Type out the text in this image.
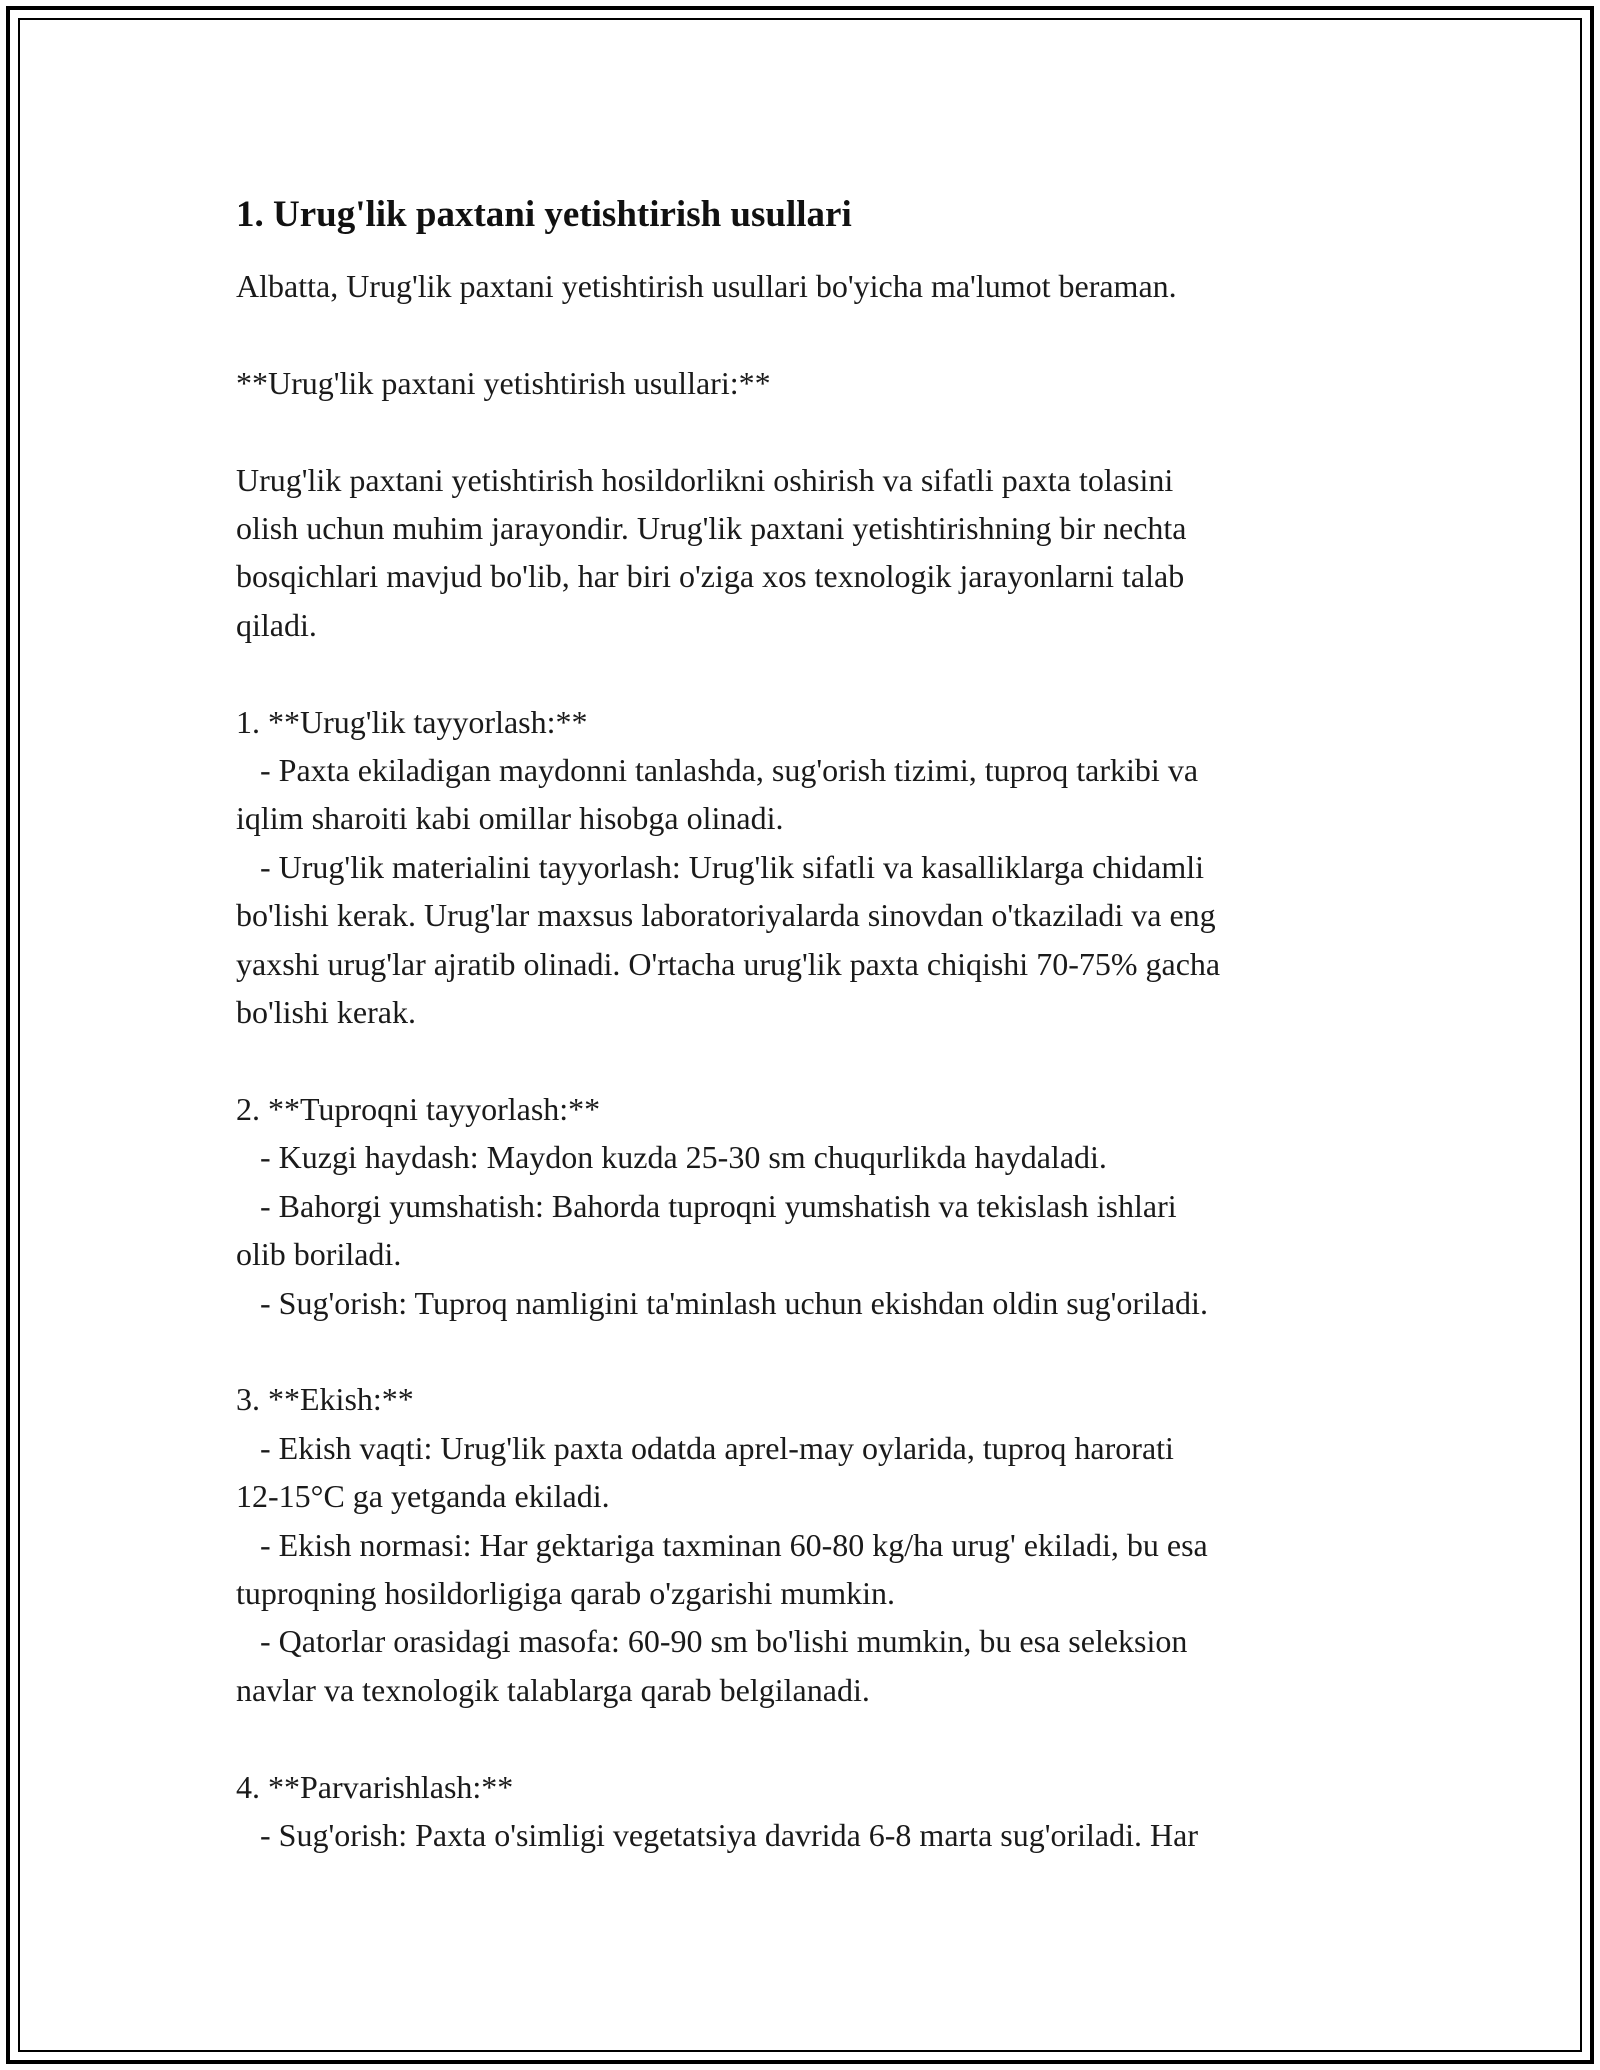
1. Urug'lik paxtani yetishtirish usullari

Albatta, Urug'lik paxtani yetishtirish usullari bo'yicha ma'lumot beraman.

**Urug'lik paxtani yetishtirish usullari:**

Urug'lik paxtani yetishtirish hosildorlikni oshirish va sifatli paxta tolasini
olish uchun muhim jarayondir. Urug'lik paxtani yetishtirishning bir nechta
bosqichlari mavjud bo'lib, har biri o'ziga xos texnologik jarayonlarni talab
qiladi.

1. **Urug'lik tayyorlash:**

- Paxta ekiladigan maydonni tanlashda, sug'orish tizimi, tuproq tarkibi va
iqlim sharoiti kabi omillar hisobga olinadi.

- Urug'lik materialini tayyorlash: Urug'lik sifatli va kasalliklarga chidamli
bo'lishi kerak. Urug'lar maxsus laboratoriyalarda sinovdan o'tkaziladi va eng
yaxshi urug'lar ajratib olinadi. O'rtacha urug'lik paxta chiqishi 70-75% gacha
bo'lishi kerak.

2. **Tuproqni tayyorlash:**

- Kuzgi haydash: Maydon kuzda 25-30 sm chuqurlikda haydaladi.

- Bahorgi yumshatish: Bahorda tuproqni yumshatish va tekislash ishlari
olib boriladi.

- Sug'orish: Tuproq namligini ta'minlash uchun ekishdan oldin sug'oriladi.

3. **Ekish:**

- Ekish vaqti: Urug'lik paxta odatda aprel-may oylarida, tuproq harorati
12-15°C ga yetganda ekiladi.

- Ekish normasi: Har gektariga taxminan 60-80 kg/ha urug' ekiladi, bu esa
tuproqning hosildorligiga qarab o'zgarishi mumkin.

- Qatorlar orasidagi masofa: 60-90 sm bo'lishi mumkin, bu esa seleksion
navlar va texnologik talablarga qarab belgilanadi.

4. **Parvarishlash:**

- Sug'orish: Paxta o'simligi vegetatsiya davrida 6-8 marta sug'oriladi. Har
